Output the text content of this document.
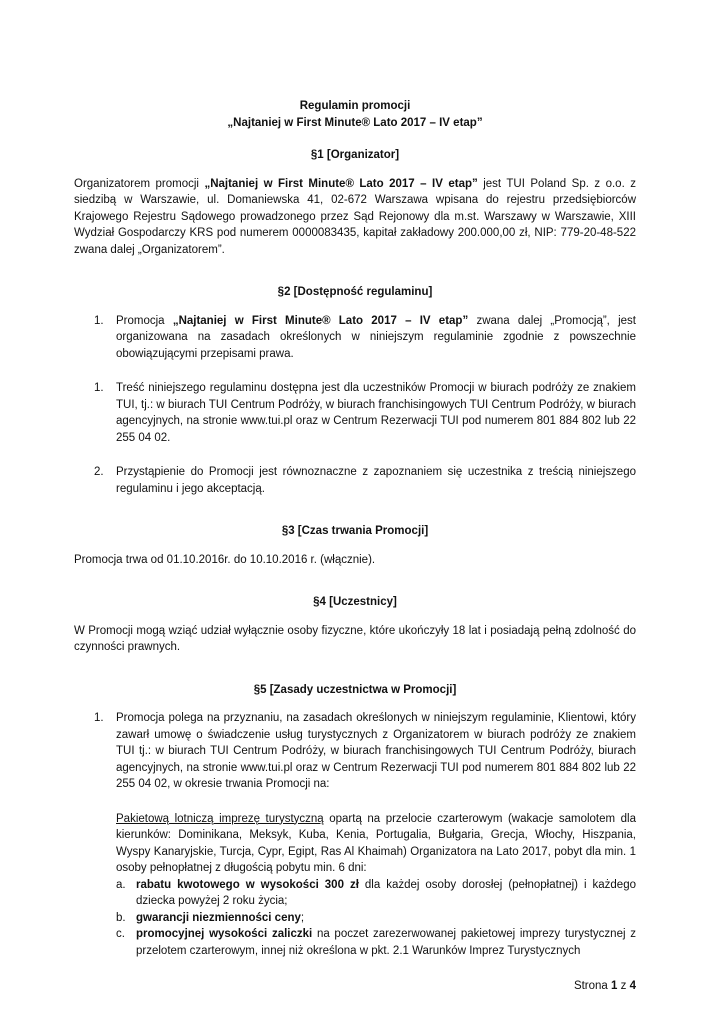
Regulamin promocji
„Najtaniej w First Minute® Lato 2017 – IV etap”
§1 [Organizator]

Organizatorem promocji „Najtaniej w First Minute® Lato 2017 – IV etap” jest TUI Poland Sp. z o.o. z siedzibą w Warszawie, ul. Domaniewska 41, 02-672 Warszawa wpisana do rejestru przedsiębiorców Krajowego Rejestru Sądowego prowadzonego przez Sąd Rejonowy dla m.st. Warszawy w Warszawie, XIII Wydział Gospodarczy KRS pod numerem 0000083435, kapitał zakładowy 200.000,00 zł, NIP: 779-20-48-522 zwana dalej „Organizatorem”.

§2 [Dostępność regulaminu]
1.	Promocja „Najtaniej w First Minute® Lato 2017 – IV etap” zwana dalej „Promocją”, jest organizowana na zasadach określonych w niniejszym regulaminie zgodnie z powszechnie obowiązującymi przepisami prawa.
1.	Treść niniejszego regulaminu dostępna jest dla uczestników Promocji w biurach podróży ze znakiem TUI, tj.: w biurach TUI Centrum Podróży, w biurach franchisingowych TUI Centrum Podróży, w biurach agencyjnych, na stronie www.tui.pl oraz w Centrum Rezerwacji TUI pod numerem 801 884 802 lub 22 255 04 02.
2.	Przystąpienie do Promocji jest równoznaczne z zapoznaniem się uczestnika z treścią niniejszego regulaminu i jego akceptacją.
§3 [Czas trwania Promocji]

Promocja trwa od 01.10.2016r. do 10.10.2016 r. (włącznie).

§4 [Uczestnicy]

W Promocji mogą wziąć udział wyłącznie osoby fizyczne, które ukończyły 18 lat i posiadają pełną zdolność do czynności prawnych.

§5 [Zasady uczestnictwa w Promocji]
1.	Promocja polega na przyznaniu, na zasadach określonych w niniejszym regulaminie, Klientowi, który zawarł umowę o świadczenie usług turystycznych z Organizatorem w biurach podróży ze znakiem TUI tj.: w biurach TUI Centrum Podróży, w biurach franchisingowych TUI Centrum Podróży, biurach agencyjnych, na stronie www.tui.pl oraz w Centrum Rezerwacji TUI pod numerem 801 884 802 lub 22 255 04 02, w okresie trwania Promocji na:

Pakietową lotniczą imprezę turystyczną opartą na przelocie czarterowym (wakacje samolotem dla kierunków: Dominikana, Meksyk, Kuba, Kenia, Portugalia, Bułgaria, Grecja, Włochy, Hiszpania, Wyspy Kanaryjskie, Turcja, Cypr, Egipt, Ras Al Khaimah) Organizatora na Lato 2017, pobyt dla min. 1 osoby pełnopłatnej z długością pobytu min. 6 dni:

a. rabatu kwotowego w wysokości 300 zł dla każdej osoby dorosłej (pełnopłatnej) i każdego dziecka powyżej 2 roku życia;
b. gwarancji niezmienności ceny;
c. promocyjnej wysokości zaliczki na poczet zarezerwowanej pakietowej imprezy turystycznej z przelotem czarterowym, innej niż określona w pkt. 2.1 Warunków Imprez Turystycznych
Strona 1 z 4
